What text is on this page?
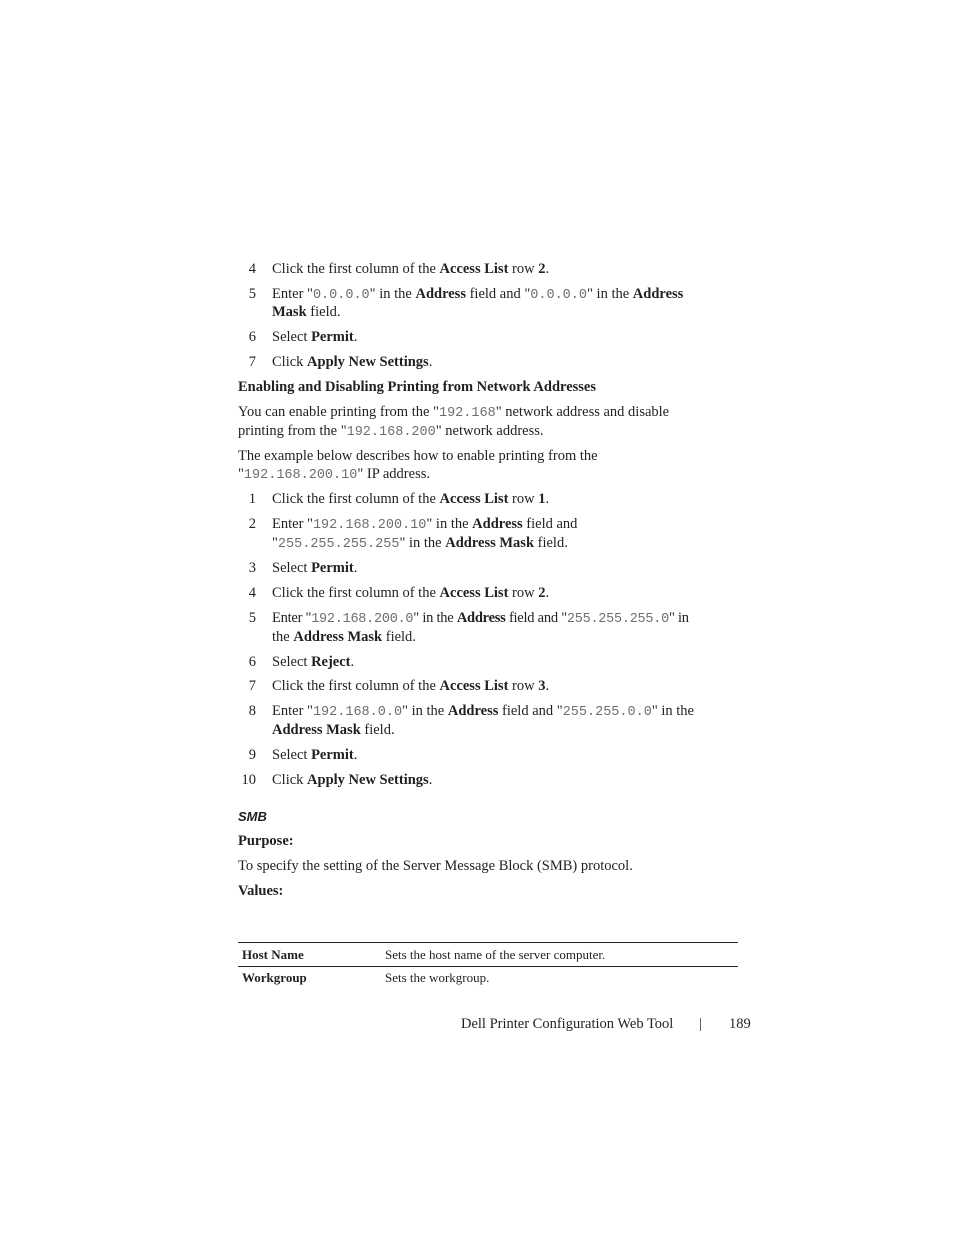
4 Click the first column of the Access List row 2.
5 Enter "0.0.0.0" in the Address field and "0.0.0.0" in the Address
Mask field.
6 Select Permit.
7 Click Apply New Settings.
Enabling and Disabling Printing from Network Addresses
You can enable printing from the "192.168" network address and disable
printing from the "192.168.200" network address.
The example below describes how to enable printing from the
"192.168.200.10" IP address.
1 Click the first column of the Access List row 1.
2 Enter "192.168.200.10" in the Address field and
"255.255.255.255" in the Address Mask field.
3 Select Permit.
4 Click the first column of the Access List row 2.
5 Enter "192.168.200.0" in the Address field and "255.255.255.0" in
the Address Mask field.
6 Select Reject.
7 Click the first column of the Access List row 3.
8 Enter "192.168.0.0" in the Address field and "255.255.0.0" in the
Address Mask field.
9 Select Permit.
10 Click Apply New Settings.
SMB
Purpose:
To specify the setting of the Server Message Block (SMB) protocol.
Values:
Host Name	Sets the host name of the server computer.
Workgroup	Sets the workgroup.
Dell Printer Configuration Web Tool | 189
